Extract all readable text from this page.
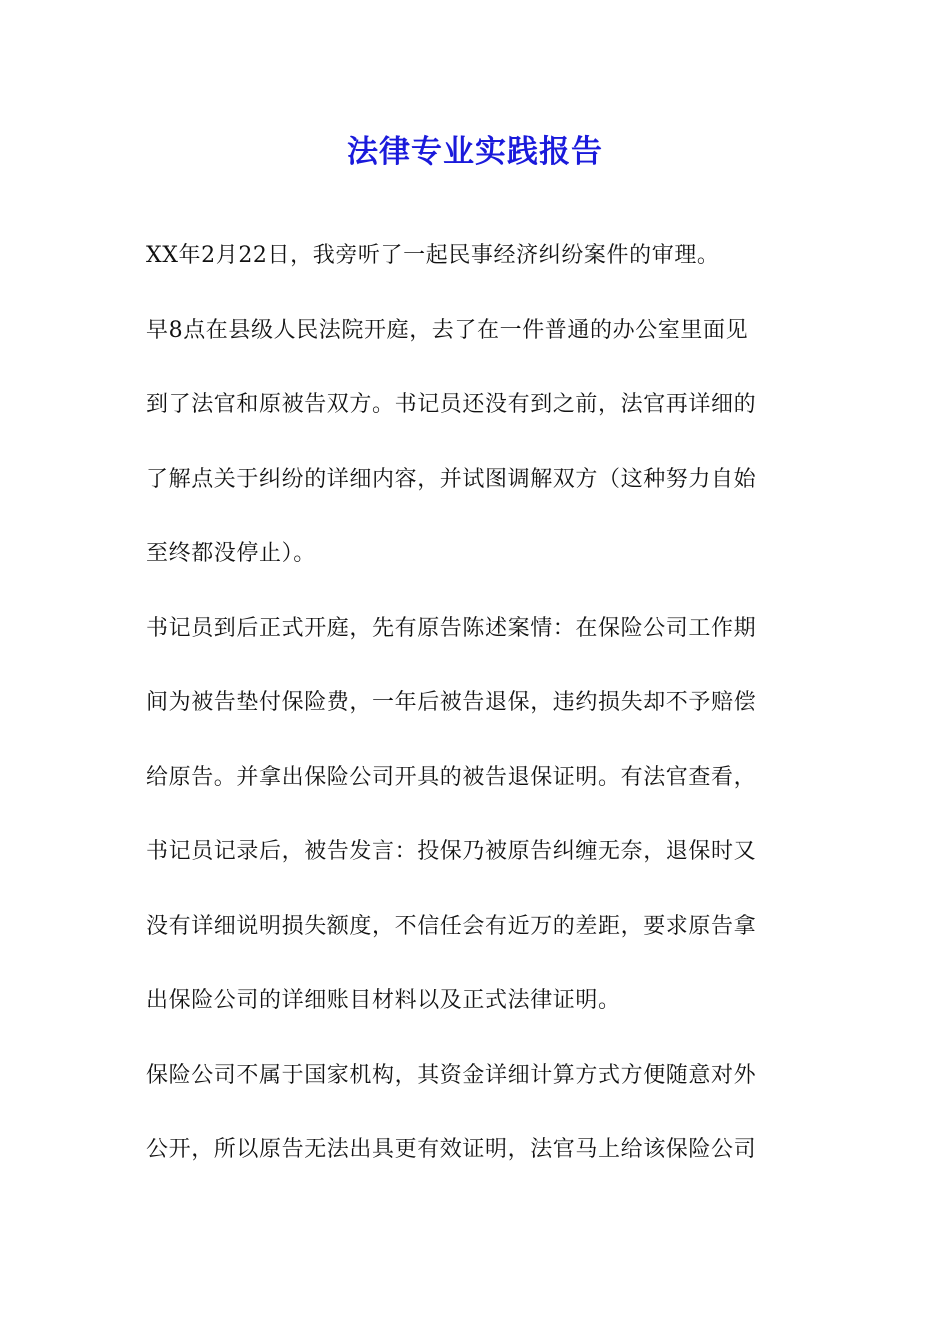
法律专业实践报告
XX年2月22日，我旁听了一起民事经济纠纷案件的审理。
早8点在县级人民法院开庭，去了在一件普通的办公室里面见
到了法官和原被告双方。书记员还没有到之前，法官再详细的
了解点关于纠纷的详细内容，并试图调解双方（这种努力自始
至终都没停止）。
书记员到后正式开庭，先有原告陈述案情：在保险公司工作期
间为被告垫付保险费，一年后被告退保，违约损失却不予赔偿
给原告。并拿出保险公司开具的被告退保证明。有法官查看，
书记员记录后，被告发言：投保乃被原告纠缠无奈，退保时又
没有详细说明损失额度，不信任会有近万的差距，要求原告拿
出保险公司的详细账目材料以及正式法律证明。
保险公司不属于国家机构，其资金详细计算方式方便随意对外
公开，所以原告无法出具更有效证明，法官马上给该保险公司
